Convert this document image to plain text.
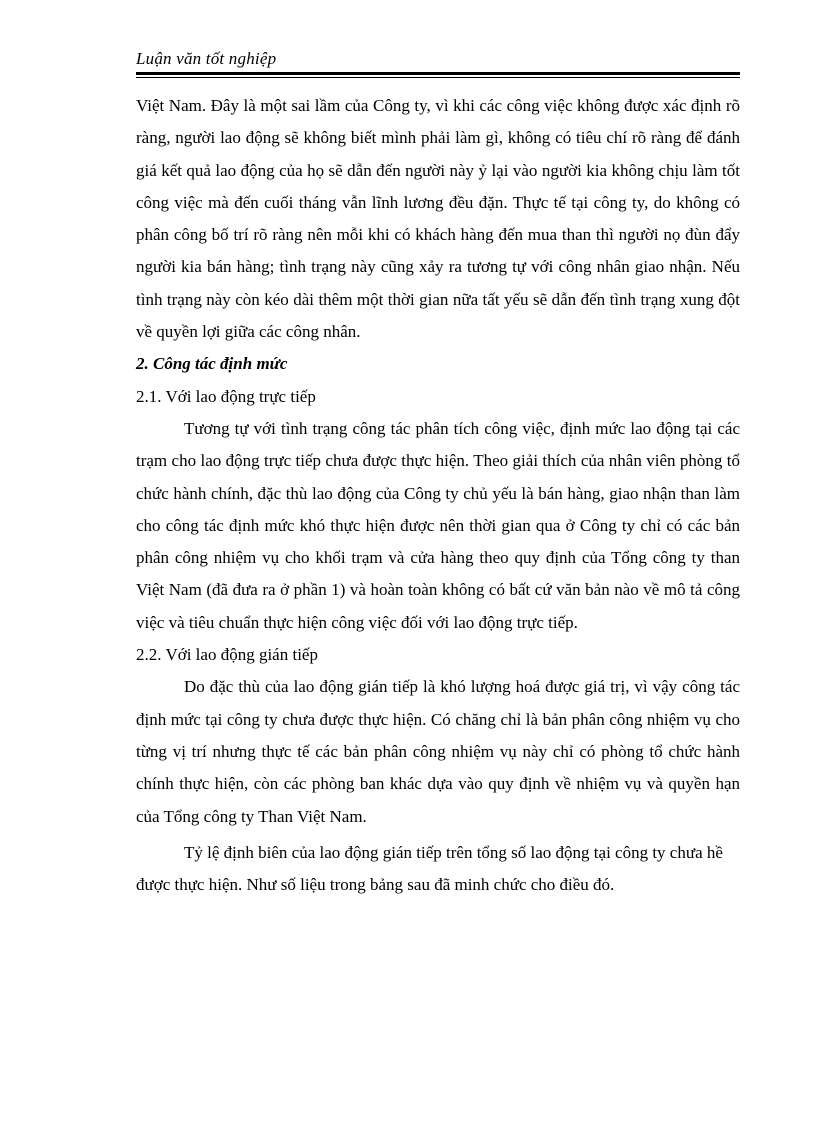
Luận văn tốt nghiệp

Việt Nam. Đây là một sai lầm của Công ty, vì khi các công việc không được xác định rõ ràng, người lao động sẽ không biết mình phải làm gì, không có tiêu chí rõ ràng để đánh giá kết quả lao động của họ sẽ dẫn đến người này ỷ lại vào người kia không chịu làm tốt công việc mà đến cuối tháng vẫn lĩnh lương đều đặn. Thực tế tại công ty, do không có phân công bố trí rõ ràng nên mỗi khi có khách hàng đến mua than thì người nọ đùn đẩy người kia bán hàng; tình trạng này cũng xảy ra tương tự với công nhân giao nhận. Nếu tình trạng này còn kéo dài thêm một thời gian nữa tất yếu sẽ dẫn đến tình trạng xung đột về quyền lợi giữa các công nhân.

2. Công tác định mức

2.1. Với lao động trực tiếp

Tương tự với tình trạng công tác phân tích công việc, định mức lao động tại các trạm cho lao động trực tiếp chưa được thực hiện. Theo giải thích của nhân viên phòng tổ chức hành chính, đặc thù lao động của Công ty chủ yếu là bán hàng, giao nhận than làm cho công tác định mức khó thực hiện được nên thời gian qua ở Công ty chỉ có các bản phân công nhiệm vụ cho khối trạm và cửa hàng theo quy định của Tổng công ty than Việt Nam (đã đưa ra ở phần 1) và hoàn toàn không có bất cứ văn bản nào về mô tả công việc và tiêu chuẩn thực hiện công việc đối với lao động trực tiếp.

2.2. Với lao động gián tiếp

Do đặc thù của lao động gián tiếp là khó lượng hoá được giá trị, vì vậy công tác định mức tại công ty chưa được thực hiện. Có chăng chỉ là bản phân công nhiệm vụ cho từng vị trí nhưng thực tế các bản phân công nhiệm vụ này chỉ có phòng tổ chức hành chính thực hiện, còn các phòng ban khác dựa vào quy định về nhiệm vụ và quyền hạn của Tổng công ty Than Việt Nam.

Tỷ lệ định biên của lao động gián tiếp trên tổng số lao động tại công ty chưa hề được thực hiện. Như số liệu trong bảng sau đã minh chức cho điều đó.
